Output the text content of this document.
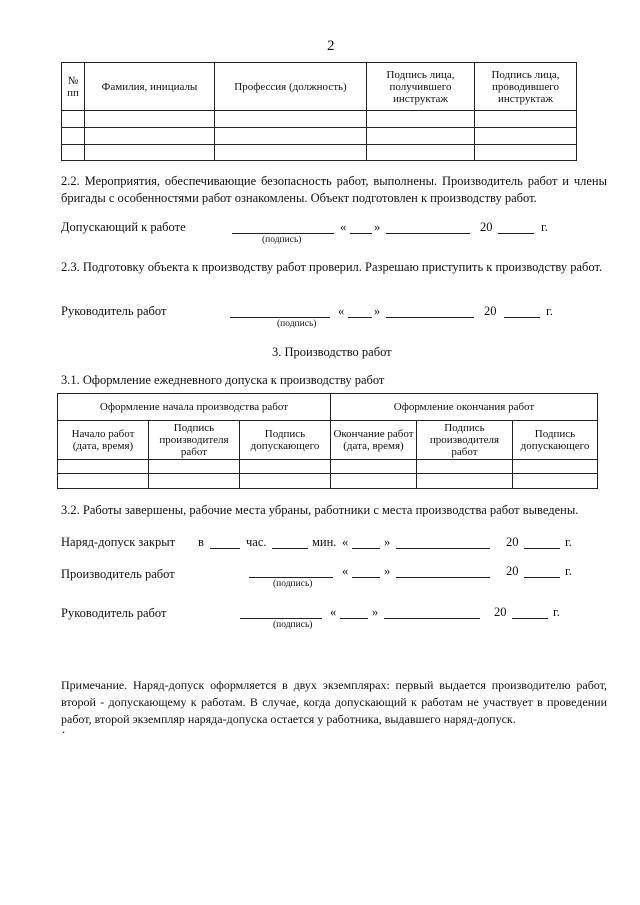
2
№ пп	Фамилия, инициалы	Профессия (должность)	Подпись лица, получившего инструктаж	Подпись лица, проводившего инструктаж

2.2. Мероприятия, обеспечивающие безопасность работ, выполнены. Производитель работ и члены бригады с особенностями работ ознакомлены. Объект подготовлен к производству работ.
Допускающий к работе
(подпись)
« »	20	г.
2.3. Подготовку объекта к производству работ проверил. Разрешаю приступить к производству работ.
Руководитель работ
(подпись)
« »	20	г.
3. Производство работ
3.1. Оформление ежедневного допуска к производству работ
Оформление начала производства работ			Оформление окончания работ		
Начало работ (дата, время)	Подпись производителя работ	Подпись допускающего	Окончание работ (дата, время)	Подпись производителя работ	Подпись допускающего

3.2. Работы завершены, рабочие места убраны, работники с места производства работ выведены.
Наряд-допуск закрыт в	час.	мин. «	»	20	г.
Производитель работ
(подпись)
«	»	20	г.
Руководитель работ
(подпись)
«	»	20	г.
Примечание. Наряд-допуск оформляется в двух экземплярах: первый выдается производителю работ, второй - допускающему к работам. В случае, когда допускающий к работам не участвует в проведении работ, второй экземпляр наряда-допуска остается у работника, выдавшего наряд-допуск.
.
